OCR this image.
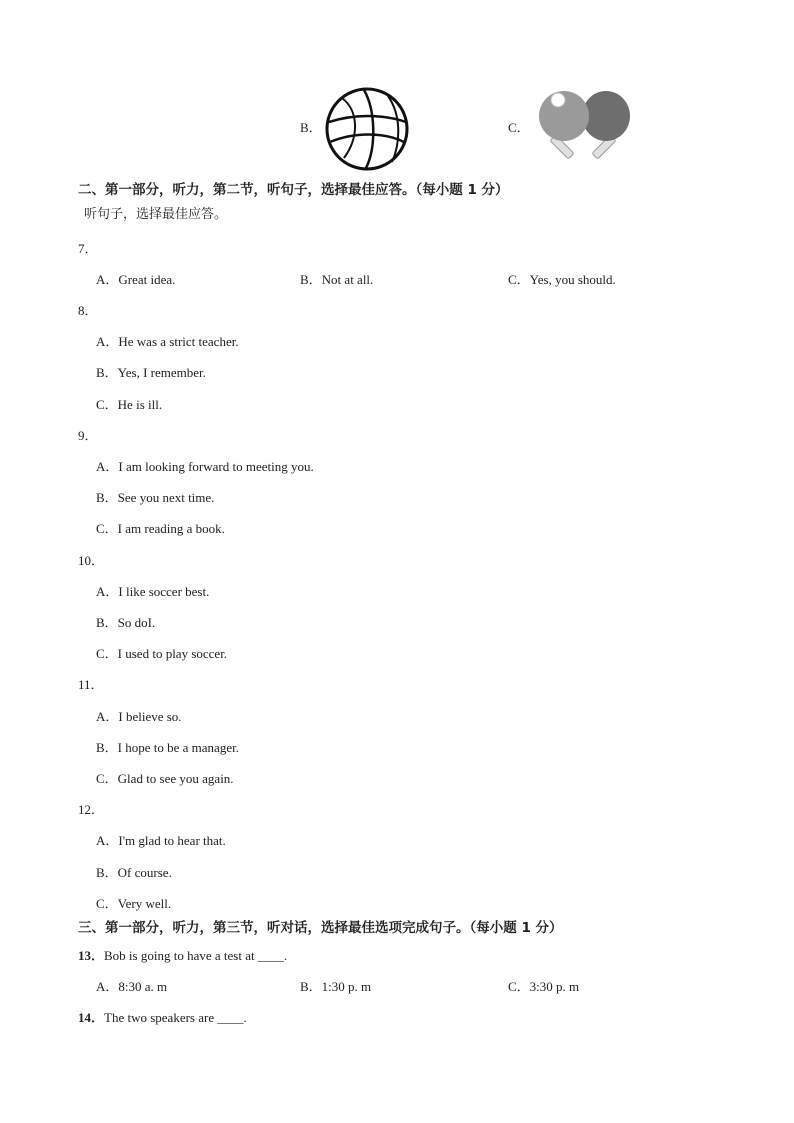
B．	C．
二、第一部分，听力，第二节，听句子，选择最佳应答。（每小题 1 分）
听句子，选择最佳应答。
7．
A．Great idea.	B．Not at all.	C．Yes, you should.
8．
A．He was a strict teacher.
B．Yes, I remember.
C．He is ill.
9．
A．I am looking forward to meeting you.
B．See you next time.
C．I am reading a book.
10．
A．I like soccer best.
B．So doI.
C．I used to play soccer.
11．
A．I believe so.
B．I hope to be a manager.
C．Glad to see you again.
12．
A．I'm glad to hear that.
B．Of course.
C．Very well.
三、第一部分，听力，第三节，听对话，选择最佳选项完成句子。（每小题 1 分）
13．Bob is going to have a test at ____.
A．8:30 a. m	B．1:30 p. m	C．3:30 p. m
14．The two speakers are ____.
